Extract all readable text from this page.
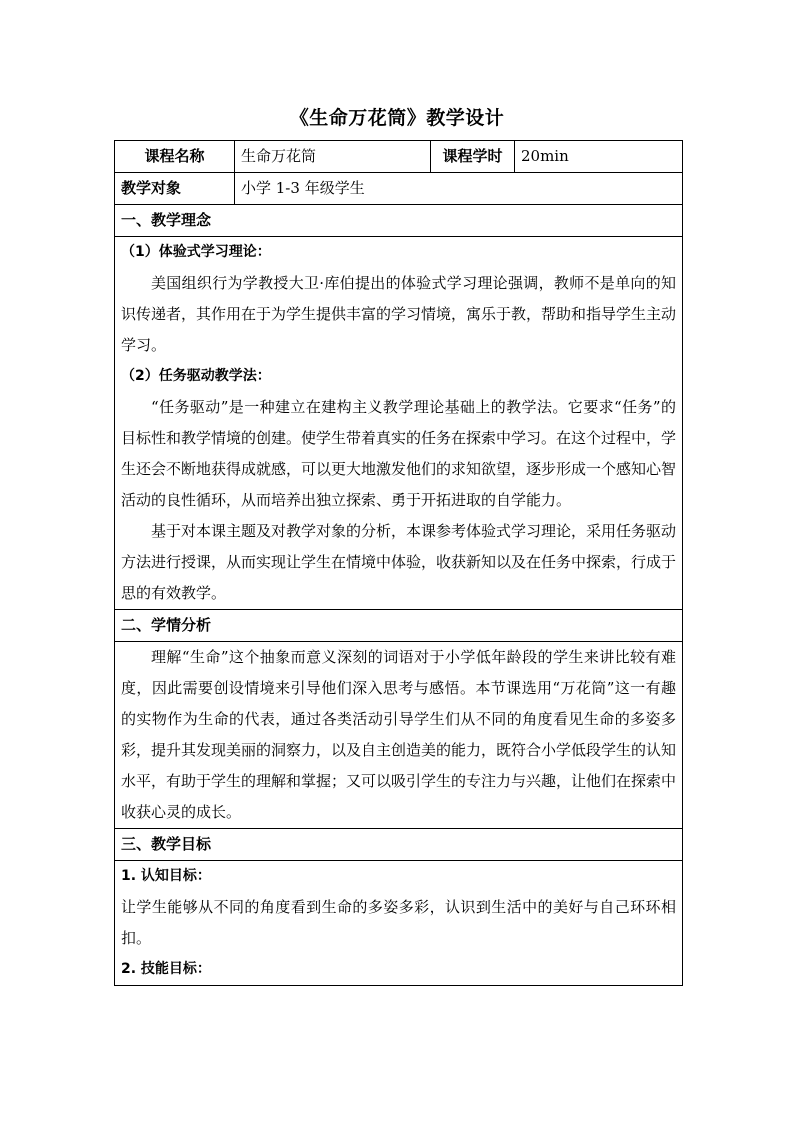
《生命万花筒》教学设计
课程名称	生命万花筒	课程学时	20min
教学对象	小学 1-3 年级学生		
一、教学理念			

（1）体验式学习理论：

美国组织行为学教授大卫·库伯提出的体验式学习理论强调，教师不是单向的知识传递者，其作用在于为学生提供丰富的学习情境，寓乐于教，帮助和指导学生主动学习。

（2）任务驱动教学法：

“任务驱动”是一种建立在建构主义教学理论基础上的教学法。它要求“任务”的目标性和教学情境的创建。使学生带着真实的任务在探索中学习。在这个过程中，学生还会不断地获得成就感，可以更大地激发他们的求知欲望，逐步形成一个感知心智活动的良性循环，从而培养出独立探索、勇于开拓进取的自学能力。

基于对本课主题及对教学对象的分析，本课参考体验式学习理论，采用任务驱动方法进行授课，从而实现让学生在情境中体验，收获新知以及在任务中探索，行成于思的有效教学。			

二、学情分析			

理解“生命”这个抽象而意义深刻的词语对于小学低年龄段的学生来讲比较有难度，因此需要创设情境来引导他们深入思考与感悟。本节课选用“万花筒”这一有趣的实物作为生命的代表，通过各类活动引导学生们从不同的角度看见生命的多姿多彩，提升其发现美丽的洞察力，以及自主创造美的能力，既符合小学低段学生的认知水平，有助于学生的理解和掌握；又可以吸引学生的专注力与兴趣，让他们在探索中收获心灵的成长。			

三、教学目标			

1. 认知目标：

让学生能够从不同的角度看到生命的多姿多彩，认识到生活中的美好与自己环环相扣。

2. 技能目标：			
